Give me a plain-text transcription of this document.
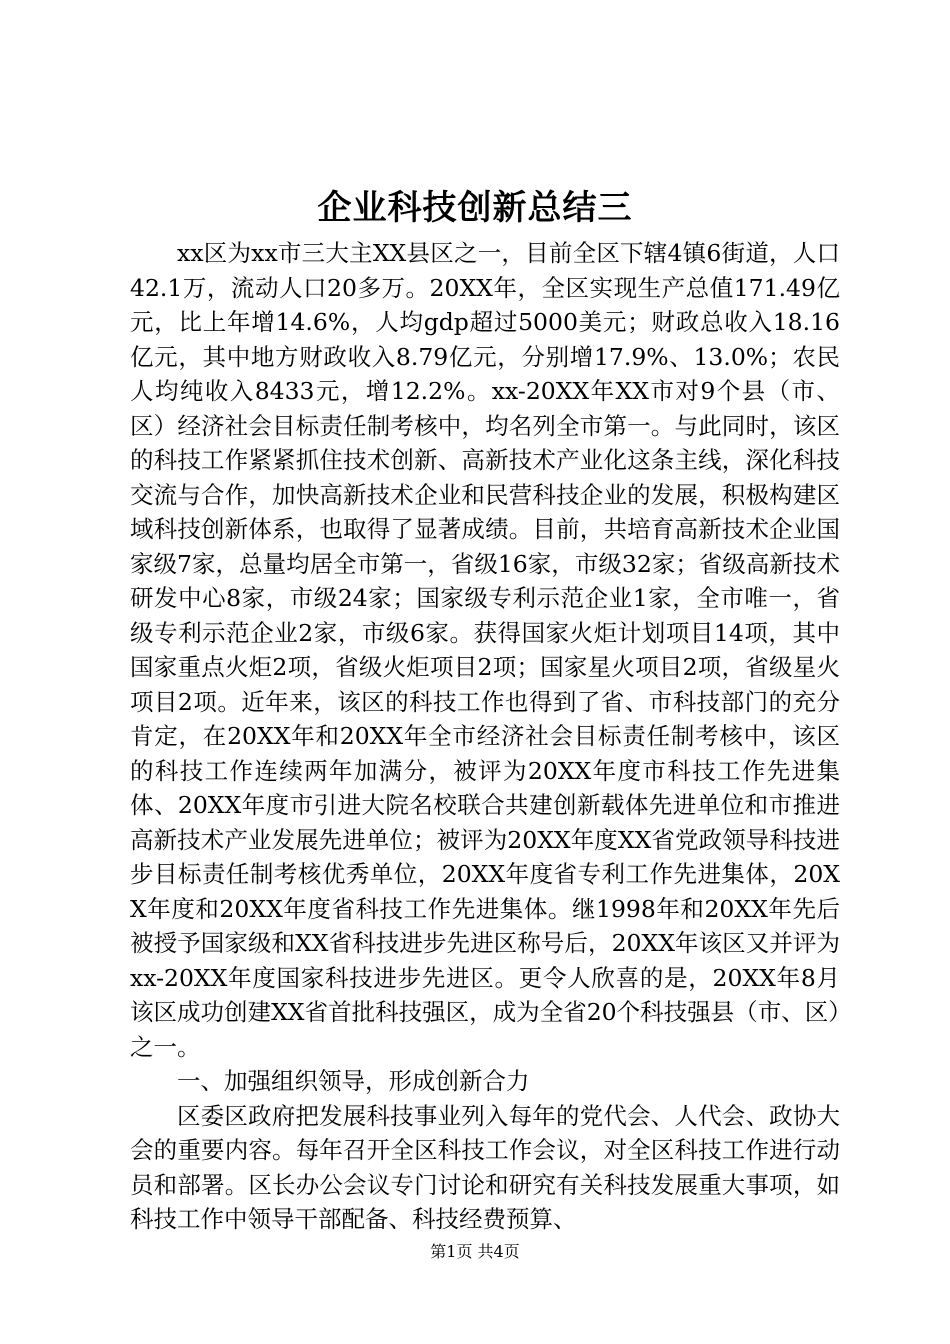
企业科技创新总结三

xx区为xx市三大主XX县区之一，目前全区下辖4镇6街道，人口42.1万，流动人口20多万。20XX年，全区实现生产总值171.49亿元，比上年增14.6%，人均gdp超过5000美元；财政总收入18.16亿元，其中地方财政收入8.79亿元，分别增17.9%、13.0%；农民人均纯收入8433元，增12.2%。xx-20XX年XX市对9个县（市、区）经济社会目标责任制考核中，均名列全市第一。与此同时，该区的科技工作紧紧抓住技术创新、高新技术产业化这条主线，深化科技交流与合作，加快高新技术企业和民营科技企业的发展，积极构建区域科技创新体系，也取得了显著成绩。目前，共培育高新技术企业国家级7家，总量均居全市第一，省级16家，市级32家；省级高新技术研发中心8家，市级24家；国家级专利示范企业1家，全市唯一，省级专利示范企业2家，市级6家。获得国家火炬计划项目14项，其中国家重点火炬2项，省级火炬项目2项；国家星火项目2项，省级星火项目2项。近年来，该区的科技工作也得到了省、市科技部门的充分肯定，在20XX年和20XX年全市经济社会目标责任制考核中，该区的科技工作连续两年加满分，被评为20XX年度市科技工作先进集体、20XX年度市引进大院名校联合共建创新载体先进单位和市推进高新技术产业发展先进单位；被评为20XX年度XX省党政领导科技进步目标责任制考核优秀单位，20XX年度省专利工作先进集体，20XX年度和20XX年度省科技工作先进集体。继1998年和20XX年先后被授予国家级和XX省科技进步先进区称号后，20XX年该区又并评为xx-20XX年度国家科技进步先进区。更令人欣喜的是，20XX年8月该区成功创建XX省首批科技强区，成为全省20个科技强县（市、区）之一。

一、加强组织领导，形成创新合力

区委区政府把发展科技事业列入每年的党代会、人代会、政协大会的重要内容。每年召开全区科技工作会议，对全区科技工作进行动员和部署。区长办公会议专门讨论和研究有关科技发展重大事项，如科技工作中领导干部配备、科技经费预算、

第1页 共4页
